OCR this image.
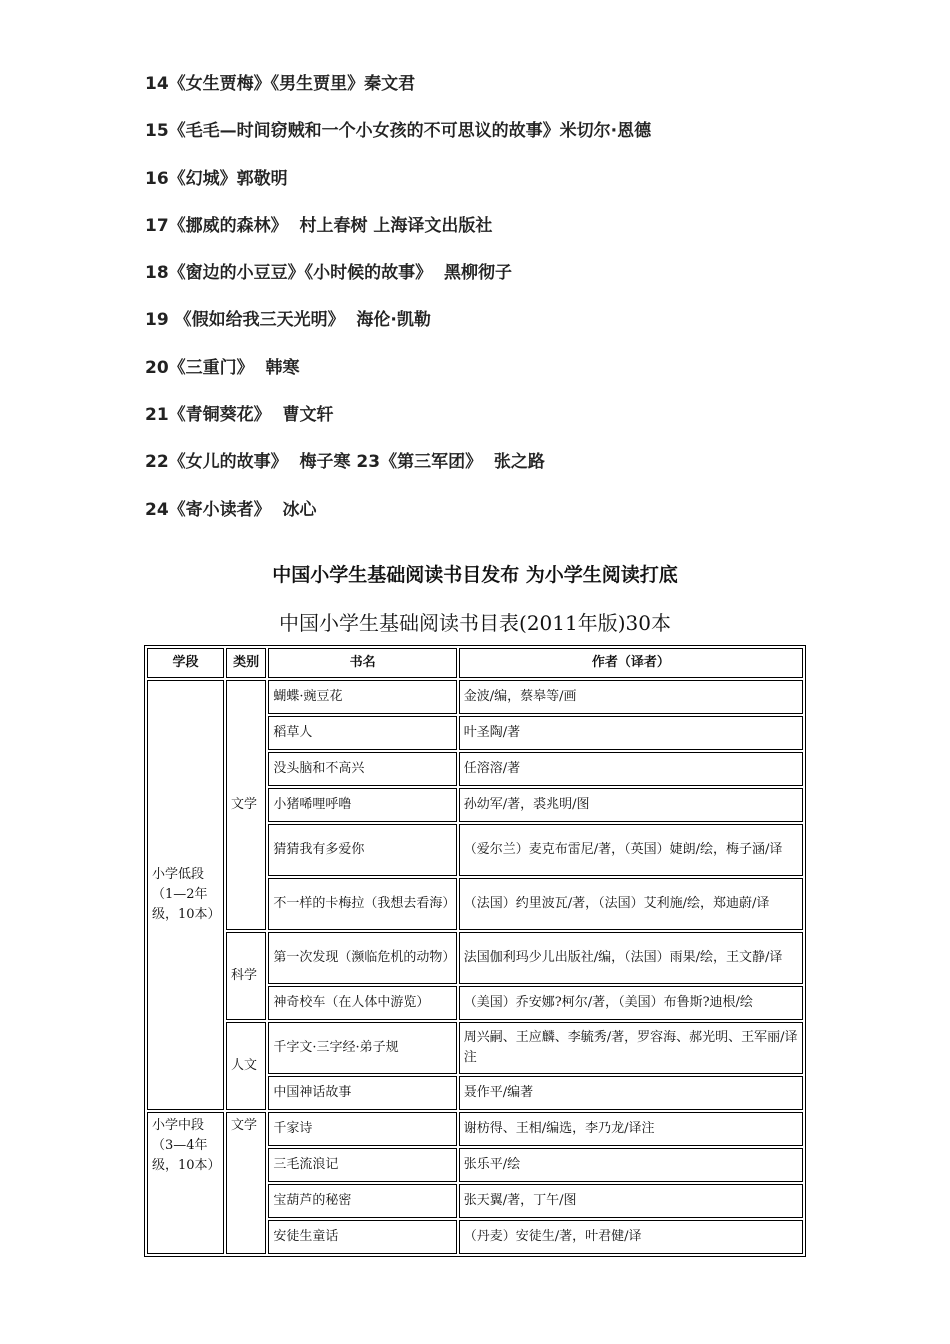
14《女生贾梅》《男生贾里》秦文君
15《毛毛—时间窃贼和一个小女孩的不可思议的故事》米切尔·恩德
16《幻城》郭敬明
17《挪威的森林》  村上春树 上海译文出版社
18《窗边的小豆豆》《小时候的故事》  黑柳彻子
19 《假如给我三天光明》  海伦·凯勒
20《三重门》  韩寒
21《青铜葵花》  曹文轩
22《女儿的故事》  梅子寒 23《第三军团》  张之路
24《寄小读者》  冰心
中国小学生基础阅读书目发布 为小学生阅读打底
中国小学生基础阅读书目表(2011年版)30本
学段	类别	书名	作者（译者）
小学低段（1—2年级，10本）	文学	蝴蝶·豌豆花	金波/编，蔡皋等/画
		稻草人	叶圣陶/著
		没头脑和不高兴	任溶溶/著
		小猪唏哩呼噜	孙幼军/著，裘兆明/图
		猜猜我有多爱你	（爱尔兰）麦克布雷尼/著，（英国）婕朗/绘，梅子涵/译
		不一样的卡梅拉（我想去看海）	（法国）约里波瓦/著，（法国）艾利施/绘，郑迪蔚/译
	科学	第一次发现（濒临危机的动物）	法国伽利玛少儿出版社/编，（法国）雨果/绘，王文静/译
		神奇校车（在人体中游览）	（美国）乔安娜?柯尔/著，（美国）布鲁斯?迪根/绘
	人文	千字文·三字经·弟子规	周兴嗣、王应麟、李毓秀/著，罗容海、郝光明、王军丽/译注
		中国神话故事	聂作平/编著
小学中段（3—4年级，10本）	文学	千家诗	谢枋得、王相/编选，李乃龙/译注
		三毛流浪记	张乐平/绘
		宝葫芦的秘密	张天翼/著，丁午/图
		安徒生童话	（丹麦）安徒生/著，叶君健/译
